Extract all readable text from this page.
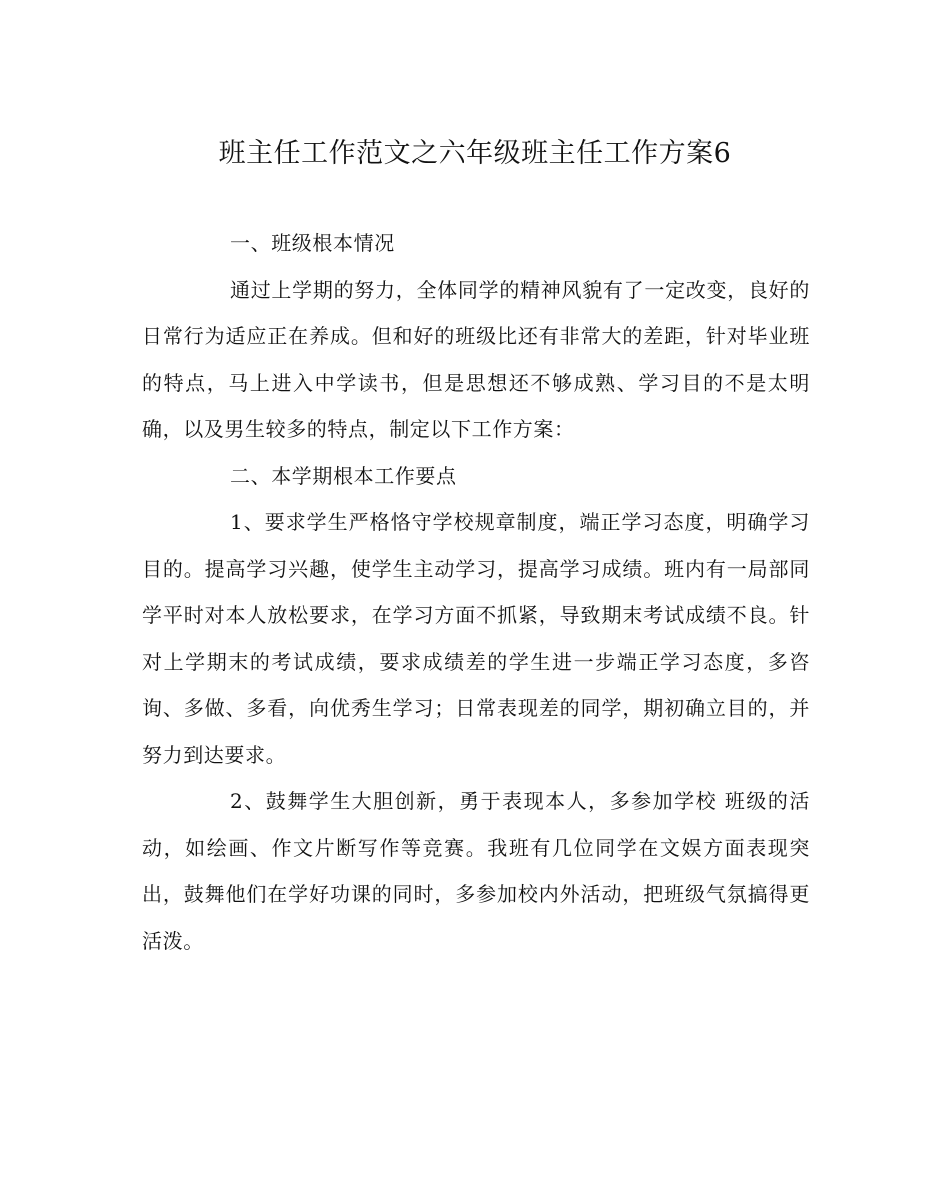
班主任工作范文之六年级班主任工作方案6

一、班级根本情况

通过上学期的努力，全体同学的精神风貌有了一定改变，良好的日常行为适应正在养成。但和好的班级比还有非常大的差距，针对毕业班的特点，马上进入中学读书，但是思想还不够成熟、学习目的不是太明确，以及男生较多的特点，制定以下工作方案：

二、本学期根本工作要点

1、要求学生严格恪守学校规章制度，端正学习态度，明确学习目的。提高学习兴趣，使学生主动学习，提高学习成绩。班内有一局部同学平时对本人放松要求，在学习方面不抓紧，导致期末考试成绩不良。针对上学期末的考试成绩，要求成绩差的学生进一步端正学习态度，多咨询、多做、多看，向优秀生学习；日常表现差的同学，期初确立目的，并努力到达要求。

2、鼓舞学生大胆创新，勇于表现本人，多参加学校 班级的活动，如绘画、作文片断写作等竞赛。我班有几位同学在文娱方面表现突出，鼓舞他们在学好功课的同时，多参加校内外活动，把班级气氛搞得更活泼。
